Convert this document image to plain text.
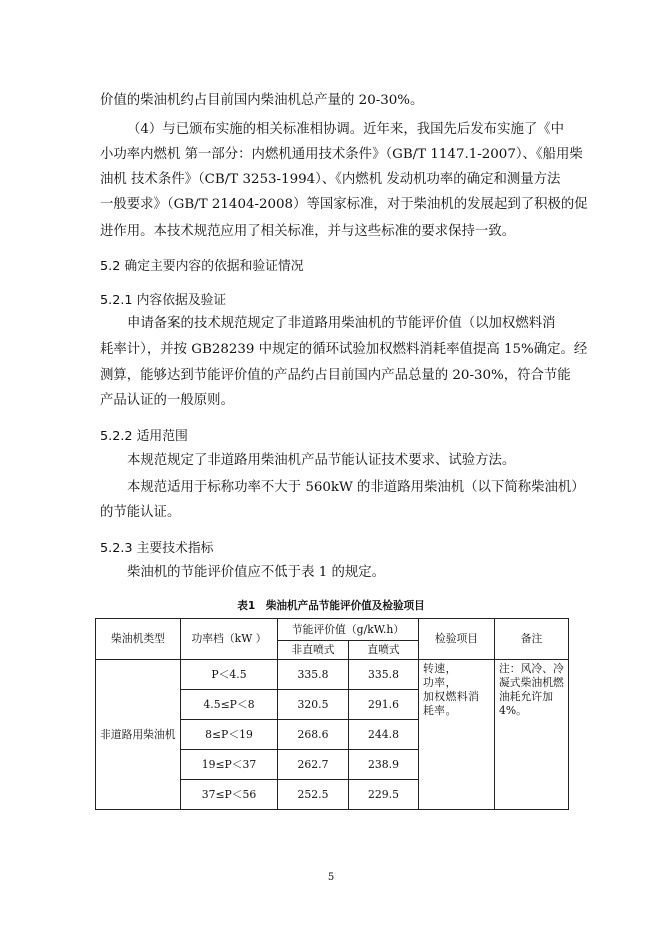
价值的柴油机约占目前国内柴油机总产量的 20-30%。

（4）与已颁布实施的相关标准相协调。近年来，我国先后发布实施了《中

小功率内燃机 第一部分：内燃机通用技术条件》（GB/T 1147.1-2007）、《船用柴

油机 技术条件》（CB/T 3253-1994）、《内燃机 发动机功率的确定和测量方法

一般要求》（GB/T 21404-2008）等国家标准，对于柴油机的发展起到了积极的促

进作用。本技术规范应用了相关标准，并与这些标准的要求保持一致。

5.2 确定主要内容的依据和验证情况

5.2.1 内容依据及验证

申请备案的技术规范规定了非道路用柴油机的节能评价值（以加权燃料消

耗率计），并按 GB28239 中规定的循环试验加权燃料消耗率值提高 15%确定。经

测算，能够达到节能评价值的产品约占目前国内产品总量的 20-30%，符合节能

产品认证的一般原则。

5.2.2 适用范围

本规范规定了非道路用柴油机产品节能认证技术要求、试验方法。

本规范适用于标称功率不大于 560kW 的非道路用柴油机（以下简称柴油机）

的节能认证。

5.2.3 主要技术指标

柴油机的节能评价值应不低于表 1 的规定。

表1　柴油机产品节能评价值及检验项目
柴油机类型	功率档（kW ）	节能评价值（g/kW.h）		检验项目	备注
		非直喷式	直喷式		
非道路用柴油机	P＜4.5	335.8	335.8	转速，
功率，
加权燃料消耗率。	注：风冷、冷凝式柴油机燃油耗允许加 4%。
	4.5≤P＜8	320.5	291.6		
	8≤P＜19	268.6	244.8		
	19≤P＜37	262.7	238.9		
	37≤P＜56	252.5	229.5		
5
